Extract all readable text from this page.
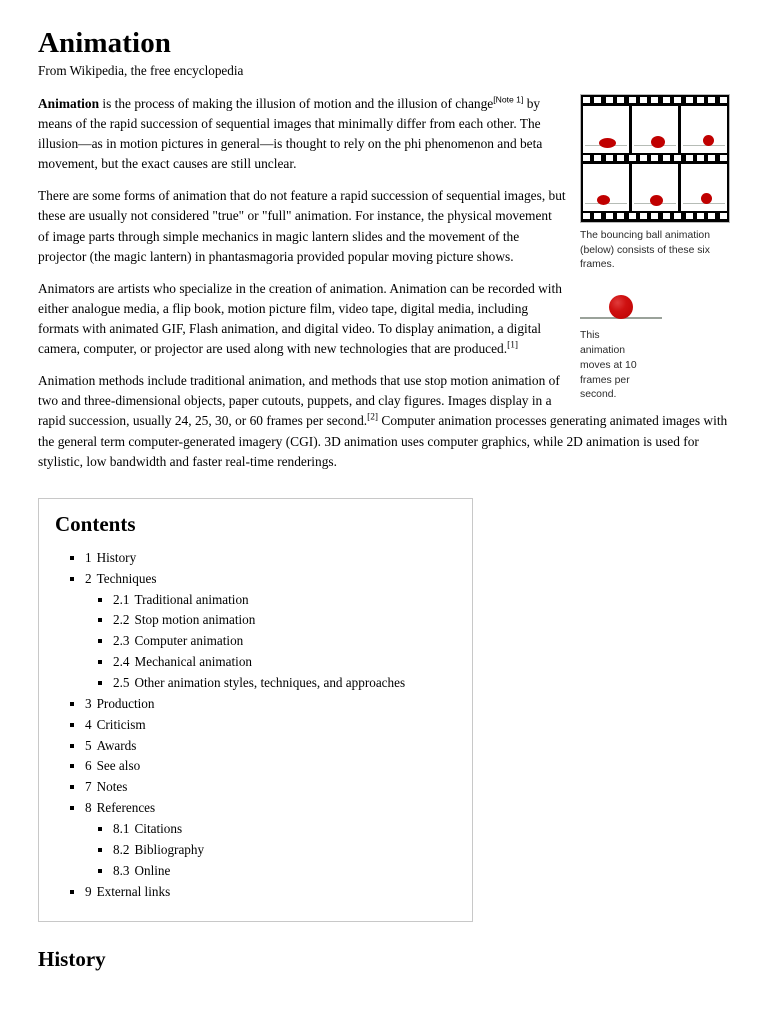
Animation
From Wikipedia, the free encyclopedia
The bouncing ball animation (below) consists of these six frames.
This animation moves at 10 frames per second.

Animation is the process of making the illusion of motion and the illusion of change[Note 1] by means of the rapid succession of sequential images that minimally differ from each other. The illusion—as in motion pictures in general—is thought to rely on the phi phenomenon and beta movement, but the exact causes are still unclear.

There are some forms of animation that do not feature a rapid succession of sequential images, but these are usually not considered "true" or "full" animation. For instance, the physical movement of image parts through simple mechanics in magic lantern slides and the movement of the projector (the magic lantern) in phantasmagoria provided popular moving picture shows.

Animators are artists who specialize in the creation of animation. Animation can be recorded with either analogue media, a flip book, motion picture film, video tape, digital media, including formats with animated GIF, Flash animation, and digital video. To display animation, a digital camera, computer, or projector are used along with new technologies that are produced.[1]

Animation methods include traditional animation, and methods that use stop motion animation of two and three-dimensional objects, paper cutouts, puppets, and clay figures. Images display in a rapid succession, usually 24, 25, 30, or 60 frames per second.[2] Computer animation processes generating animated images with the general term computer-generated imagery (CGI). 3D animation uses computer graphics, while 2D animation is used for stylistic, low bandwidth and faster real-time renderings.

Contents
▪ 1 History
▪ 2 Techniques
▪ 2.1 Traditional animation
▪ 2.2 Stop motion animation
▪ 2.3 Computer animation
▪ 2.4 Mechanical animation
▪ 2.5 Other animation styles, techniques, and approaches
▪ 3 Production
▪ 4 Criticism
▪ 5 Awards
▪ 6 See also
▪ 7 Notes
▪ 8 References
▪ 8.1 Citations
▪ 8.2 Bibliography
▪ 8.3 Online
▪ 9 External links
History
